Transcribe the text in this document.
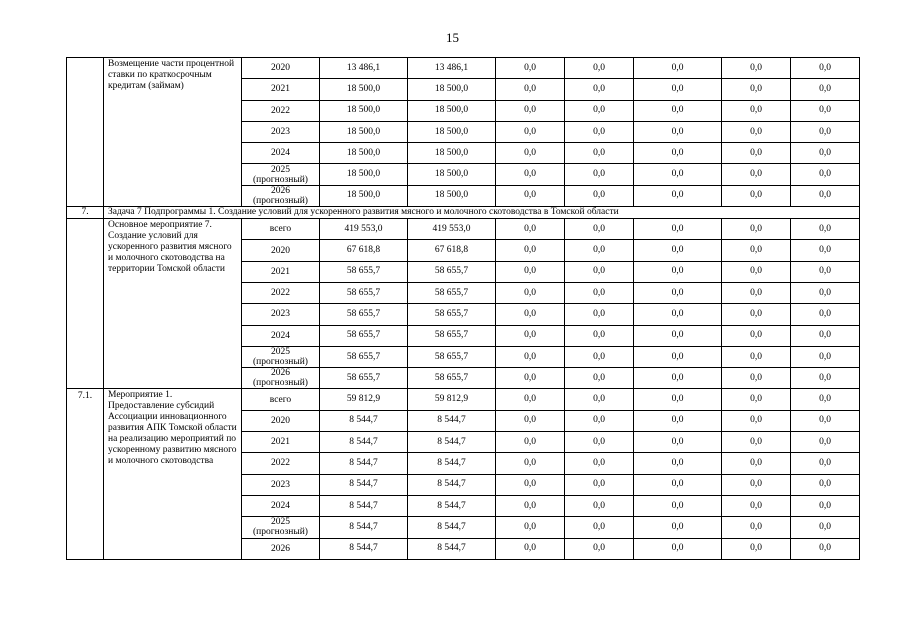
15
	Возмещение части процентной ставки по краткосрочным кредитам (займам)	2020	13 486,1	13 486,1	0,0	0,0	0,0	0,0	0,0
		2021	18 500,0	18 500,0	0,0	0,0	0,0	0,0	0,0
		2022	18 500,0	18 500,0	0,0	0,0	0,0	0,0	0,0
		2023	18 500,0	18 500,0	0,0	0,0	0,0	0,0	0,0
		2024	18 500,0	18 500,0	0,0	0,0	0,0	0,0	0,0
		2025 (прогнозный)	18 500,0	18 500,0	0,0	0,0	0,0	0,0	0,0
		2026 (прогнозный)	18 500,0	18 500,0	0,0	0,0	0,0	0,0	0,0
7.	Задача 7 Подпрограммы 1. Создание условий для ускоренного развития мясного и молочного скотоводства в Томской области								
	Основное мероприятие 7. Создание условий для ускоренного развития мясного и молочного скотоводства на территории Томской области	всего	419 553,0	419 553,0	0,0	0,0	0,0	0,0	0,0
		2020	67 618,8	67 618,8	0,0	0,0	0,0	0,0	0,0
		2021	58 655,7	58 655,7	0,0	0,0	0,0	0,0	0,0
		2022	58 655,7	58 655,7	0,0	0,0	0,0	0,0	0,0
		2023	58 655,7	58 655,7	0,0	0,0	0,0	0,0	0,0
		2024	58 655,7	58 655,7	0,0	0,0	0,0	0,0	0,0
		2025 (прогнозный)	58 655,7	58 655,7	0,0	0,0	0,0	0,0	0,0
		2026 (прогнозный)	58 655,7	58 655,7	0,0	0,0	0,0	0,0	0,0
7.1.	Мероприятие 1. Предоставление субсидий Ассоциации инновационного развития АПК Томской области на реализацию мероприятий по ускоренному развитию мясного и молочного скотоводства	всего	59 812,9	59 812,9	0,0	0,0	0,0	0,0	0,0
		2020	8 544,7	8 544,7	0,0	0,0	0,0	0,0	0,0
		2021	8 544,7	8 544,7	0,0	0,0	0,0	0,0	0,0
		2022	8 544,7	8 544,7	0,0	0,0	0,0	0,0	0,0
		2023	8 544,7	8 544,7	0,0	0,0	0,0	0,0	0,0
		2024	8 544,7	8 544,7	0,0	0,0	0,0	0,0	0,0
		2025 (прогнозный)	8 544,7	8 544,7	0,0	0,0	0,0	0,0	0,0
		2026	8 544,7	8 544,7	0,0	0,0	0,0	0,0	0,0
